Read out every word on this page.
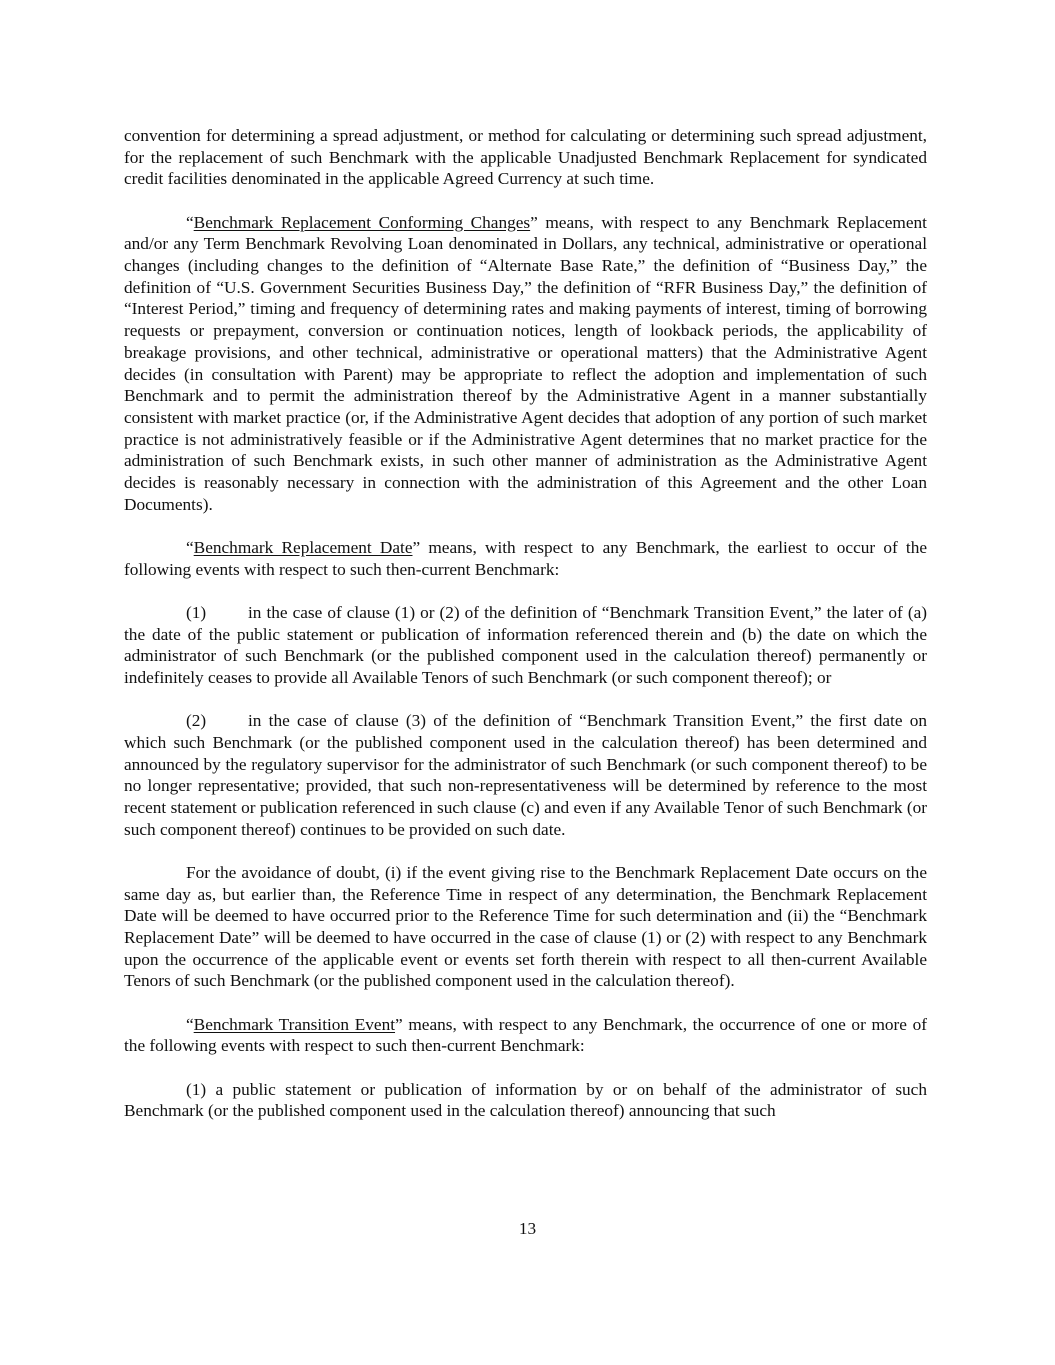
convention for determining a spread adjustment, or method for calculating or determining such spread adjustment, for the replacement of such Benchmark with the applicable Unadjusted Benchmark Replacement for syndicated credit facilities denominated in the applicable Agreed Currency at such time.

“Benchmark Replacement Conforming Changes” means, with respect to any Benchmark Replacement and/or any Term Benchmark Revolving Loan denominated in Dollars, any technical, administrative or operational changes (including changes to the definition of “Alternate Base Rate,” the definition of “Business Day,” the definition of “U.S. Government Securities Business Day,” the definition of “RFR Business Day,” the definition of “Interest Period,” timing and frequency of determining rates and making payments of interest, timing of borrowing requests or prepayment, conversion or continuation notices, length of lookback periods, the applicability of breakage provisions, and other technical, administrative or operational matters) that the Administrative Agent decides (in consultation with Parent) may be appropriate to reflect the adoption and implementation of such Benchmark and to permit the administration thereof by the Administrative Agent in a manner substantially consistent with market practice (or, if the Administrative Agent decides that adoption of any portion of such market practice is not administratively feasible or if the Administrative Agent determines that no market practice for the administration of such Benchmark exists, in such other manner of administration as the Administrative Agent decides is reasonably necessary in connection with the administration of this Agreement and the other Loan Documents).

“Benchmark Replacement Date” means, with respect to any Benchmark, the earliest to occur of the following events with respect to such then-current Benchmark:

(1) in the case of clause (1) or (2) of the definition of “Benchmark Transition Event,” the later of (a) the date of the public statement or publication of information referenced therein and (b) the date on which the administrator of such Benchmark (or the published component used in the calculation thereof) permanently or indefinitely ceases to provide all Available Tenors of such Benchmark (or such component thereof); or

(2) in the case of clause (3) of the definition of “Benchmark Transition Event,” the first date on which such Benchmark (or the published component used in the calculation thereof) has been determined and announced by the regulatory supervisor for the administrator of such Benchmark (or such component thereof) to be no longer representative; provided, that such non-representativeness will be determined by reference to the most recent statement or publication referenced in such clause (c) and even if any Available Tenor of such Benchmark (or such component thereof) continues to be provided on such date.

For the avoidance of doubt, (i) if the event giving rise to the Benchmark Replacement Date occurs on the same day as, but earlier than, the Reference Time in respect of any determination, the Benchmark Replacement Date will be deemed to have occurred prior to the Reference Time for such determination and (ii) the “Benchmark Replacement Date” will be deemed to have occurred in the case of clause (1) or (2) with respect to any Benchmark upon the occurrence of the applicable event or events set forth therein with respect to all then-current Available Tenors of such Benchmark (or the published component used in the calculation thereof).

“Benchmark Transition Event” means, with respect to any Benchmark, the occurrence of one or more of the following events with respect to such then-current Benchmark:

(1) a public statement or publication of information by or on behalf of the administrator of such Benchmark (or the published component used in the calculation thereof) announcing that such

13
